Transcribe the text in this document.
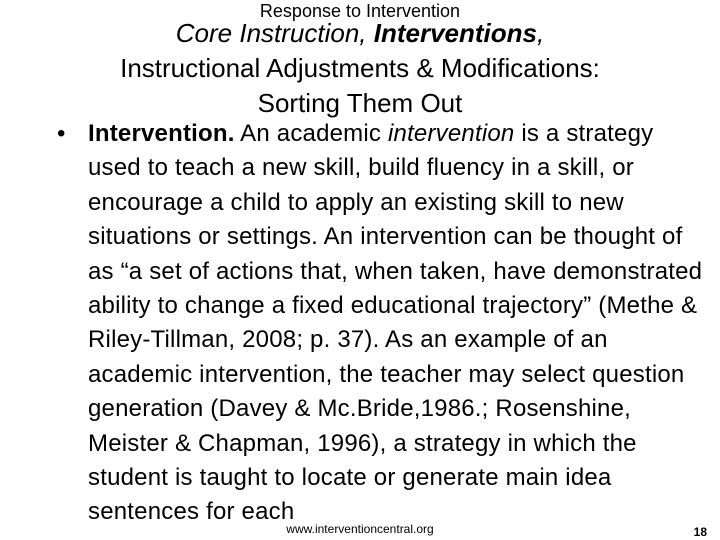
Response to Intervention
Core Instruction, Interventions,
Instructional Adjustments & Modifications:
Sorting Them Out
• Intervention. An academic intervention is a strategy used to teach a new skill, build fluency in a skill, or encourage a child to apply an existing skill to new situations or settings. An intervention can be thought of as “a set of actions that, when taken, have demonstrated ability to change a fixed educational trajectory” (Methe & Riley-Tillman, 2008; p. 37). As an example of an academic intervention, the teacher may select question generation (Davey & Mc.Bride,1986.; Rosenshine, Meister & Chapman, 1996), a strategy in which the student is taught to locate or generate main idea sentences for each

www.interventioncentral.org	18
